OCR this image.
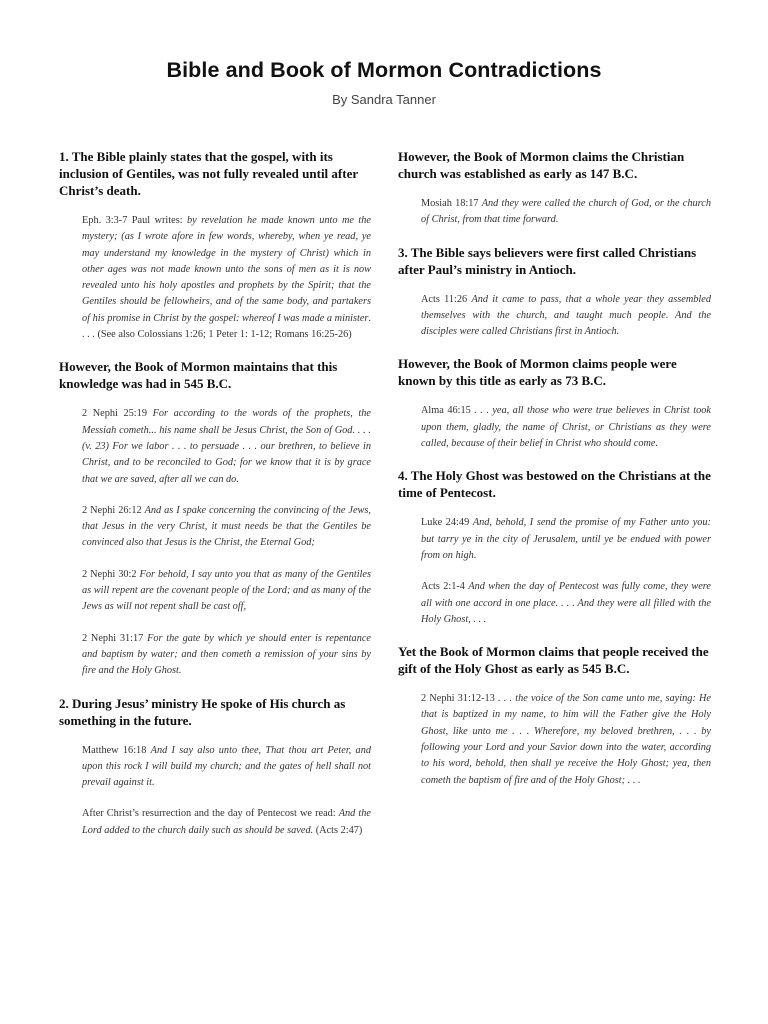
Bible and Book of Mormon Contradictions
By Sandra Tanner

1. The Bible plainly states that the gospel, with its inclusion of Gentiles, was not fully revealed until after Christ’s death.

Eph. 3:3-7 Paul writes: by revelation he made known unto me the mystery; (as I wrote afore in few words, whereby, when ye read, ye may understand my knowledge in the mystery of Christ) which in other ages was not made known unto the sons of men as it is now revealed unto his holy apostles and prophets by the Spirit; that the Gentiles should be fellowheirs, and of the same body, and partakers of his promise in Christ by the gospel: whereof I was made a minister. . . . (See also Colossians 1:26; 1 Peter 1: 1-12; Romans 16:25-26)

However, the Book of Mormon maintains that this knowledge was had in 545 B.C.

2 Nephi 25:19 For according to the words of the prophets, the Messiah cometh... his name shall be Jesus Christ, the Son of God. . . . (v. 23) For we labor . . . to persuade . . . our brethren, to believe in Christ, and to be reconciled to God; for we know that it is by grace that we are saved, after all we can do.

2 Nephi 26:12 And as I spake concerning the convincing of the Jews, that Jesus in the very Christ, it must needs be that the Gentiles be convinced also that Jesus is the Christ, the Eternal God;

2 Nephi 30:2 For behold, I say unto you that as many of the Gentiles as will repent are the covenant people of the Lord; and as many of the Jews as will not repent shall be cast off,

2 Nephi 31:17 For the gate by which ye should enter is repentance and baptism by water; and then cometh a remission of your sins by fire and the Holy Ghost.

2. During Jesus’ ministry He spoke of His church as something in the future.

Matthew 16:18 And I say also unto thee, That thou art Peter, and upon this rock I will build my church; and the gates of hell shall not prevail against it.

After Christ’s resurrection and the day of Pentecost we read: And the Lord added to the church daily such as should be saved. (Acts 2:47)

However, the Book of Mormon claims the Christian church was established as early as 147 B.C.

Mosiah 18:17 And they were called the church of God, or the church of Christ, from that time forward.

3. The Bible says believers were first called Christians after Paul’s ministry in Antioch.

Acts 11:26 And it came to pass, that a whole year they assembled themselves with the church, and taught much people. And the disciples were called Christians first in Antioch.

However, the Book of Mormon claims people were known by this title as early as 73 B.C.

Alma 46:15 . . . yea, all those who were true believes in Christ took upon them, gladly, the name of Christ, or Christians as they were called, because of their belief in Christ who should come.

4. The Holy Ghost was bestowed on the Christians at the time of Pentecost.

Luke 24:49 And, behold, I send the promise of my Father unto you: but tarry ye in the city of Jerusalem, until ye be endued with power from on high.

Acts 2:1-4 And when the day of Pentecost was fully come, they were all with one accord in one place. . . . And they were all filled with the Holy Ghost, . . .

Yet the Book of Mormon claims that people received the gift of the Holy Ghost as early as 545 B.C.

2 Nephi 31:12-13 . . . the voice of the Son came unto me, saying: He that is baptized in my name, to him will the Father give the Holy Ghost, like unto me . . . Wherefore, my beloved brethren, . . . by following your Lord and your Savior down into the water, according to his word, behold, then shall ye receive the Holy Ghost; yea, then cometh the baptism of fire and of the Holy Ghost; . . .
